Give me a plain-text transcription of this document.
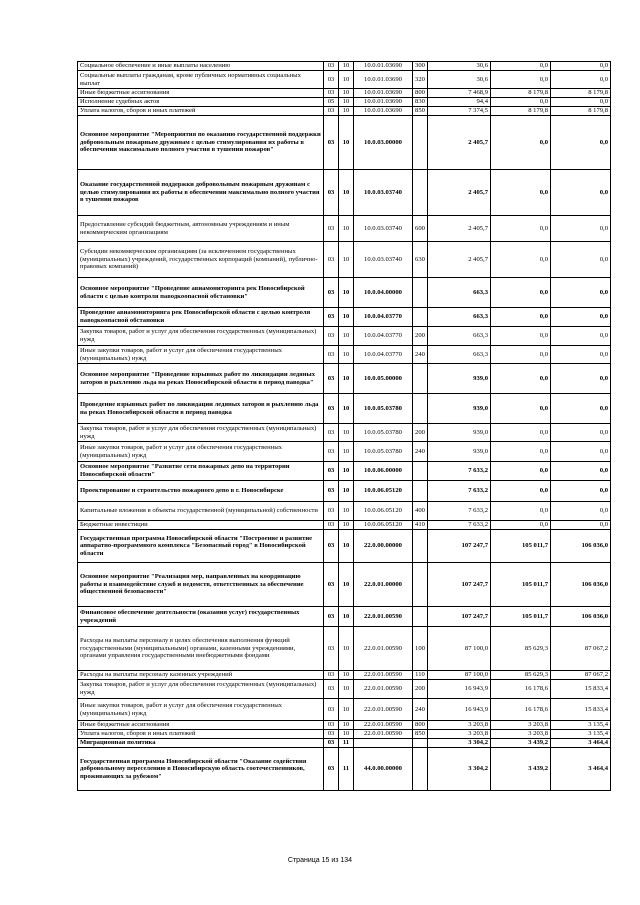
Социальное обеспечение и иные выплаты населению	03	10	10.0.01.03690	300	30,6	0,0	0,0
Социальные выплаты гражданам, кроме публичных нормативных социальных выплат	03	10	10.0.01.03690	320	30,6	0,0	0,0
Иные бюджетные ассигнования	03	10	10.0.01.03690	800	7 468,9	8 179,8	8 179,8
Исполнение судебных актов	05	10	10.0.01.03690	830	94,4	0,0	0,0
Уплата налогов, сборов и иных платежей	03	10	10.0.01.03690	850	7 374,5	8 179,8	8 179,8
Основное мероприятие "Мероприятия по оказанию государственной поддержки добровольным пожарным дружинам с целью стимулирования их работы в обеспечении максимально полного участия в тушении пожаров"	03	10	10.0.03.00000		2 405,7	0,0	0,0
Оказание государственной поддержки добровольным пожарным дружинам с целью стимулирования их работы в обеспечении максимально полного участия в тушении пожаров	03	10	10.0.03.03740		2 405,7	0,0	0,0
Предоставление субсидий бюджетным, автономным учреждениям и иным некоммерческим организациям	03	10	10.0.03.03740	600	2 405,7	0,0	0,0
Субсидии некоммерческим организациям (за исключением государственных (муниципальных) учреждений, государственных корпораций (компаний), публично-правовых компаний)	03	10	10.0.03.03740	630	2 405,7	0,0	0,0
Основное мероприятие "Проведение авиамониторинга рек Новосибирской области с целью контроля паводкоопасной обстановки"	03	10	10.0.04.00000		663,3	0,0	0,0
Проведение авиамониторинга рек Новосибирской области с целью контроля паводкоопасной обстановки	03	10	10.0.04.03770		663,3	0,0	0,0
Закупка товаров, работ и услуг для обеспечения государственных (муниципальных) нужд	03	10	10.0.04.03770	200	663,3	0,0	0,0
Иные закупки товаров, работ и услуг для обеспечения государственных (муниципальных) нужд	03	10	10.0.04.03770	240	663,3	0,0	0,0
Основное мероприятие "Проведение взрывных работ по ликвидации ледяных заторов и рыхлению льда на реках Новосибирской области в период паводка"	03	10	10.0.05.00000		939,0	0,0	0,0
Проведение взрывных работ по ликвидации ледяных заторов и рыхлению льда на реках Новосибирской области в период паводка	03	10	10.0.05.03780		939,0	0,0	0,0
Закупка товаров, работ и услуг для обеспечения государственных (муниципальных) нужд	03	10	10.0.05.03780	200	939,0	0,0	0,0
Иные закупки товаров, работ и услуг для обеспечения государственных (муниципальных) нужд	03	10	10.0.05.03780	240	939,0	0,0	0,0
Основное мероприятие "Развитие сети пожарных депо на территории Новосибирской области"	03	10	10.0.06.00000		7 633,2	0,0	0,0
Проектирование и строительство пожарного депо в г. Новосибирске	03	10	10.0.06.05120		7 633,2	0,0	0,0
Капитальные вложения в объекты государственной (муниципальной) собственности	03	10	10.0.06.05120	400	7 633,2	0,0	0,0
Бюджетные инвестиции	03	10	10.0.06.05120	410	7 633,2	0,0	0,0
Государственная программа Новосибирской области "Построение и развитие аппаратно-программного комплекса "Безопасный город" в Новосибирской области	03	10	22.0.00.00000		107 247,7	105 011,7	106 036,0
Основное мероприятие "Реализация мер, направленных на координацию работы и взаимодействие служб и ведомств, ответственных за обеспечение общественной безопасности"	03	10	22.0.01.00000		107 247,7	105 011,7	106 036,0
Финансовое обеспечение деятельности (оказания услуг) государственных учреждений	03	10	22.0.01.00590		107 247,7	105 011,7	106 036,0
Расходы на выплаты персоналу в целях обеспечения выполнения функций государственными (муниципальными) органами, казенными учреждениями, органами управления государственными внебюджетными фондами	03	10	22.0.01.00590	100	87 100,0	85 629,3	87 067,2
Расходы на выплаты персоналу казенных учреждений	03	10	22.0.01.00590	110	87 100,0	85 629,3	87 067,2
Закупка товаров, работ и услуг для обеспечения государственных (муниципальных) нужд	03	10	22.0.01.00590	200	16 943,9	16 178,6	15 833,4
Иные закупки товаров, работ и услуг для обеспечения государственных (муниципальных) нужд	03	10	22.0.01.00590	240	16 943,9	16 178,6	15 833,4
Иные бюджетные ассигнования	03	10	22.0.01.00590	800	3 203,8	3 203,8	3 135,4
Уплата налогов, сборов и иных платежей	03	10	22.0.01.00590	850	3 203,8	3 203,8	3 135,4
Миграционная политика	03	11			3 304,2	3 439,2	3 464,4
Государственная программа Новосибирской области "Оказание содействия добровольному переселению в Новосибирскую область соотечественников, проживающих за рубежом"	03	11	44.0.00.00000		3 304,2	3 439,2	3 464,4
Страница 15 из 134
